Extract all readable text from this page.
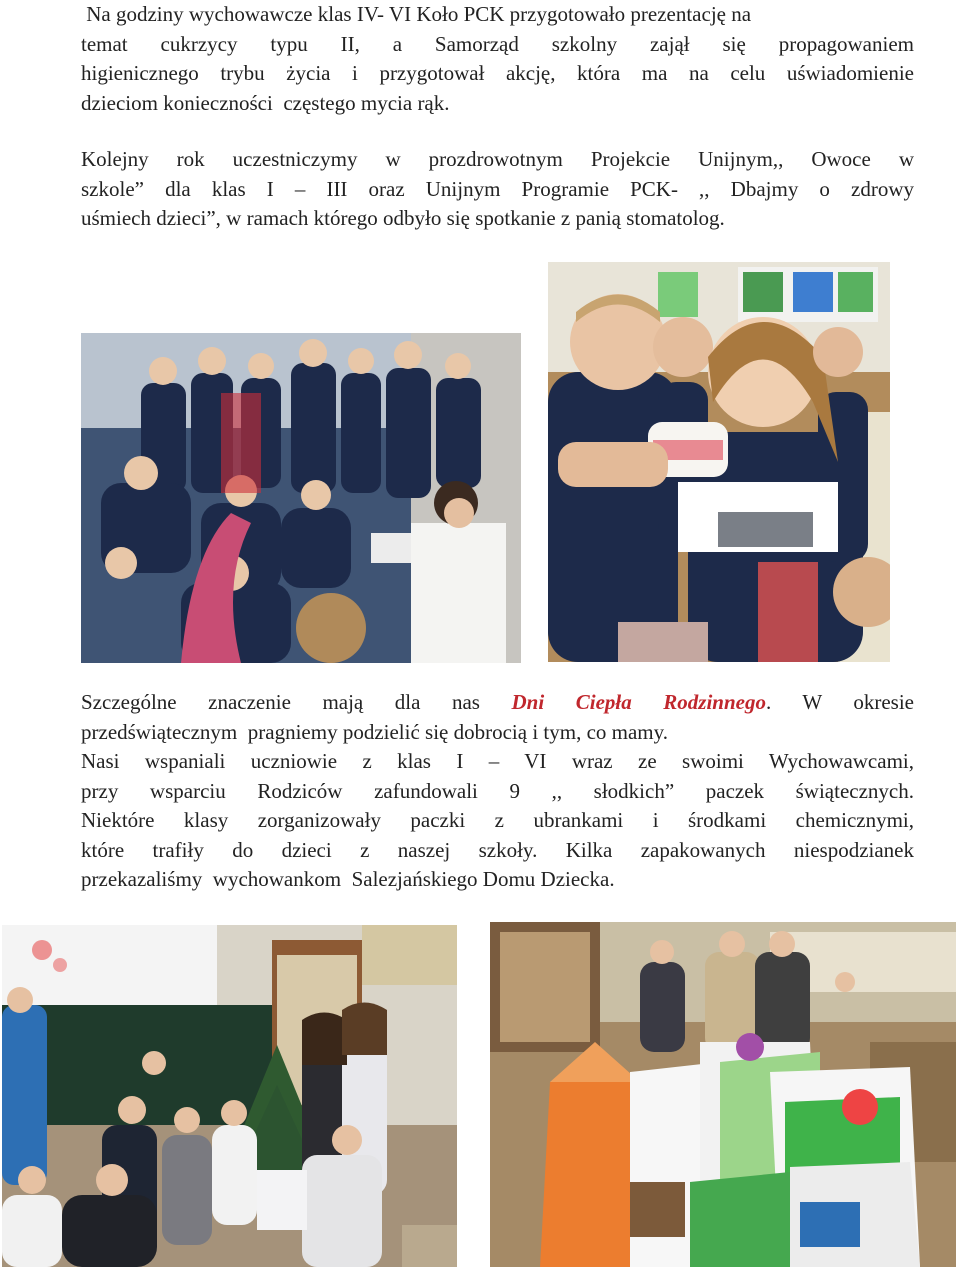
Na godziny wychowawcze klas IV- VI Koło PCK przygotowało prezentację na
temat cukrzycy typu II, a Samorząd szkolny zajął się propagowaniem
higienicznego trybu życia i przygotował akcję, która ma na celu uświadomienie
dzieciom konieczności  częstego mycia rąk.
Kolejny rok uczestniczymy w prozdrowotnym Projekcie Unijnym,, Owoce w
szkole” dla klas I – III oraz Unijnym Programie PCK- ,, Dbajmy o zdrowy
uśmiech dzieci”, w ramach którego odbyło się spotkanie z panią stomatolog.
Szczególne znaczenie mają dla nas Dni Ciepła Rodzinnego. W okresie
przedświątecznym  pragniemy podzielić się dobrocią i tym, co mamy.
Nasi wspaniali uczniowie z klas I – VI wraz ze swoimi Wychowawcami,
przy wsparciu Rodziców zafundowali 9 ,, słodkich” paczek świątecznych.
Niektóre klasy zorganizowały paczki z ubrankami i środkami chemicznymi,
które trafiły do dzieci z naszej szkoły. Kilka zapakowanych niespodzianek
przekazaliśmy  wychowankom  Salezjańskiego Domu Dziecka.
